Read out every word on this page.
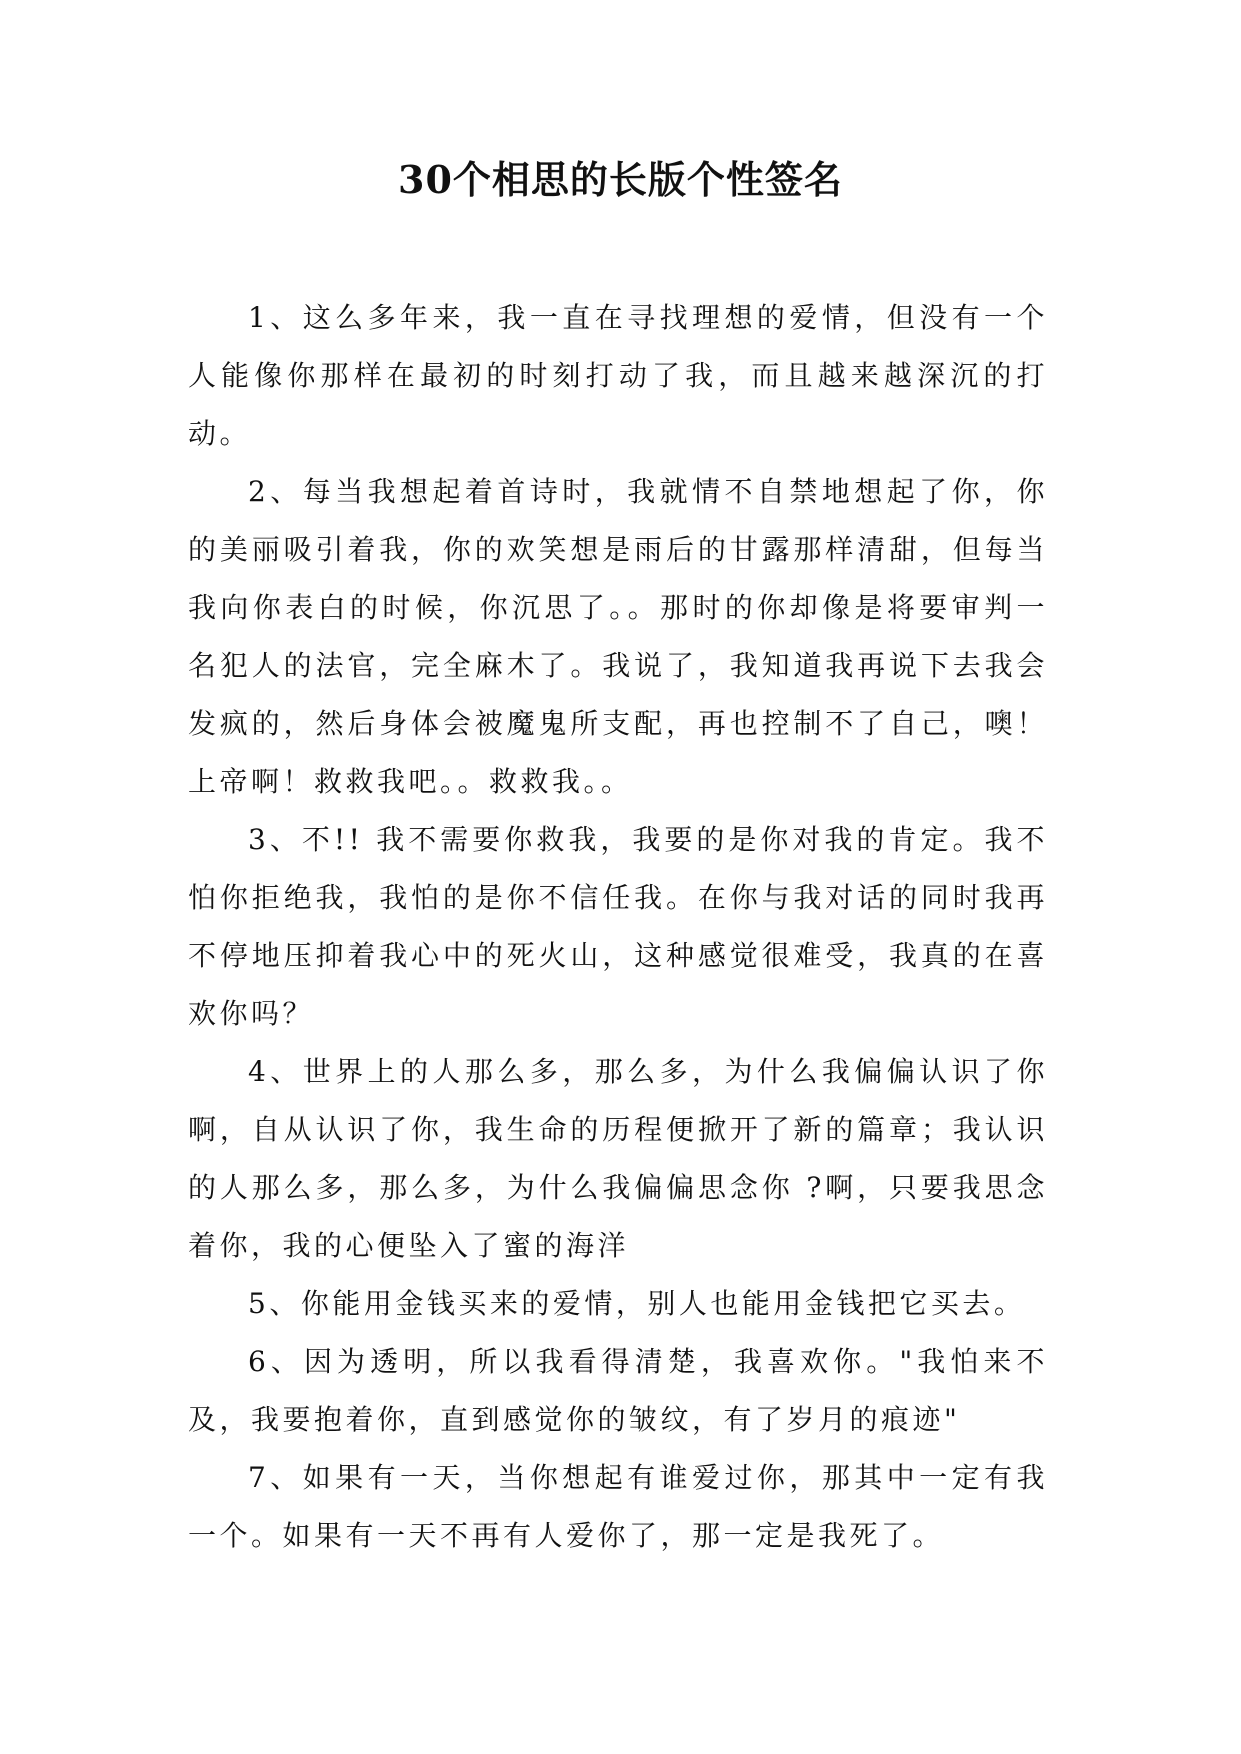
30个相思的长版个性签名

1、这么多年来，我一直在寻找理想的爱情，但没有一个人能像你那样在最初的时刻打动了我，而且越来越深沉的打动。

2、每当我想起着首诗时，我就情不自禁地想起了你，你的美丽吸引着我，你的欢笑想是雨后的甘露那样清甜，但每当我向你表白的时候，你沉思了。。那时的你却像是将要审判一名犯人的法官，完全麻木了。我说了，我知道我再说下去我会发疯的，然后身体会被魔鬼所支配，再也控制不了自己，噢！上帝啊！救救我吧。。救救我。。

3、不!! 我不需要你救我，我要的是你对我的肯定。我不怕你拒绝我，我怕的是你不信任我。在你与我对话的同时我再不停地压抑着我心中的死火山，这种感觉很难受，我真的在喜欢你吗？

4、世界上的人那么多，那么多，为什么我偏偏认识了你啊，自从认识了你，我生命的历程便掀开了新的篇章；我认识的人那么多，那么多，为什么我偏偏思念你 ?啊，只要我思念着你，我的心便坠入了蜜的海洋

5、你能用金钱买来的爱情，别人也能用金钱把它买去。

6、因为透明，所以我看得清楚，我喜欢你。"我怕来不及，我要抱着你，直到感觉你的皱纹，有了岁月的痕迹"

7、如果有一天，当你想起有谁爱过你，那其中一定有我一个。如果有一天不再有人爱你了，那一定是我死了。
